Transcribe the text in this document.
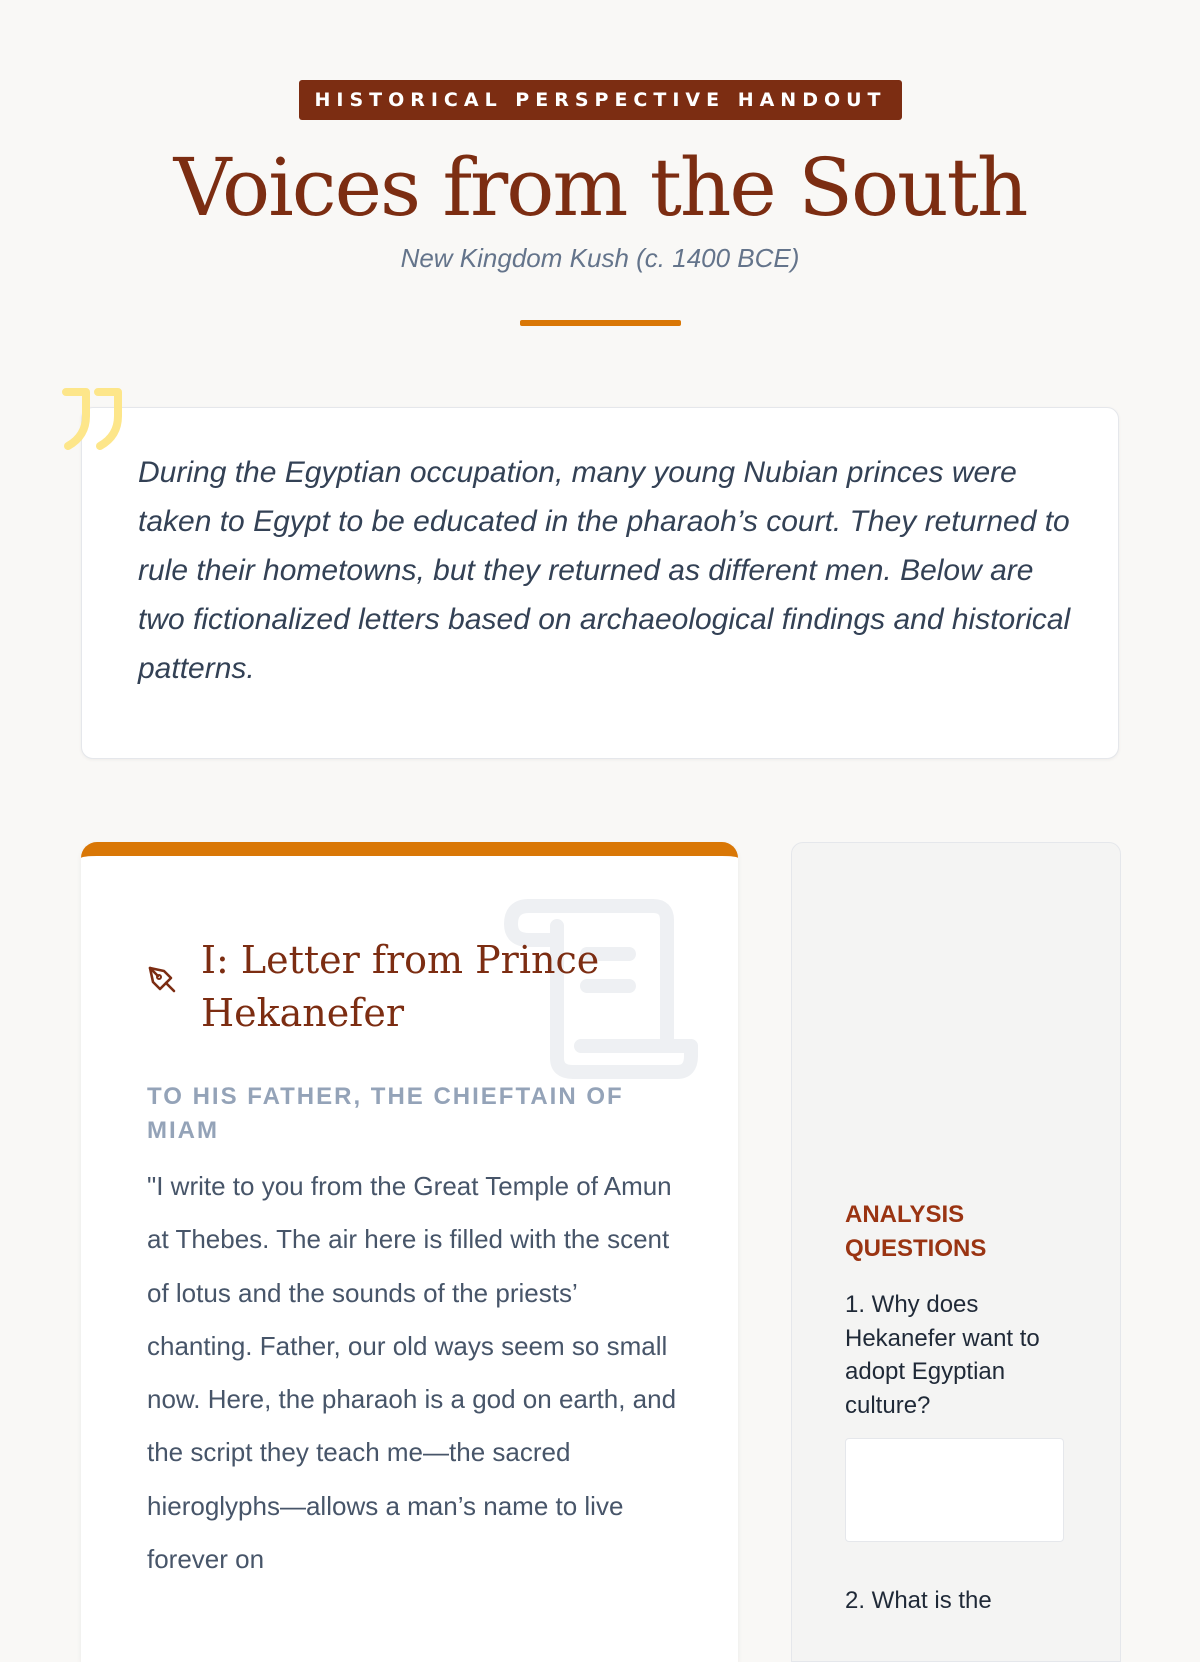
HISTORICAL PERSPECTIVE HANDOUT
Voices from the South
New Kingdom Kush (c. 1400 BCE)

During the Egyptian occupation, many young Nubian princes were taken to Egypt to be educated in the pharaoh’s court. They returned to rule their hometowns, but they returned as different men. Below are two fictionalized letters based on archaeological findings and historical patterns.

I: Letter from Prince Hekanefer

TO HIS FATHER, THE CHIEFTAIN OF MIAM

"I write to you from the Great Temple of Amun at Thebes. The air here is filled with the scent of lotus and the sounds of the priests’ chanting. Father, our old ways seem so small now. Here, the pharaoh is a god on earth, and the script they teach me—the sacred hieroglyphs—allows a man’s name to live forever on

ANALYSIS QUESTIONS

1. Why does Hekanefer want to adopt Egyptian culture?

2. What is the
